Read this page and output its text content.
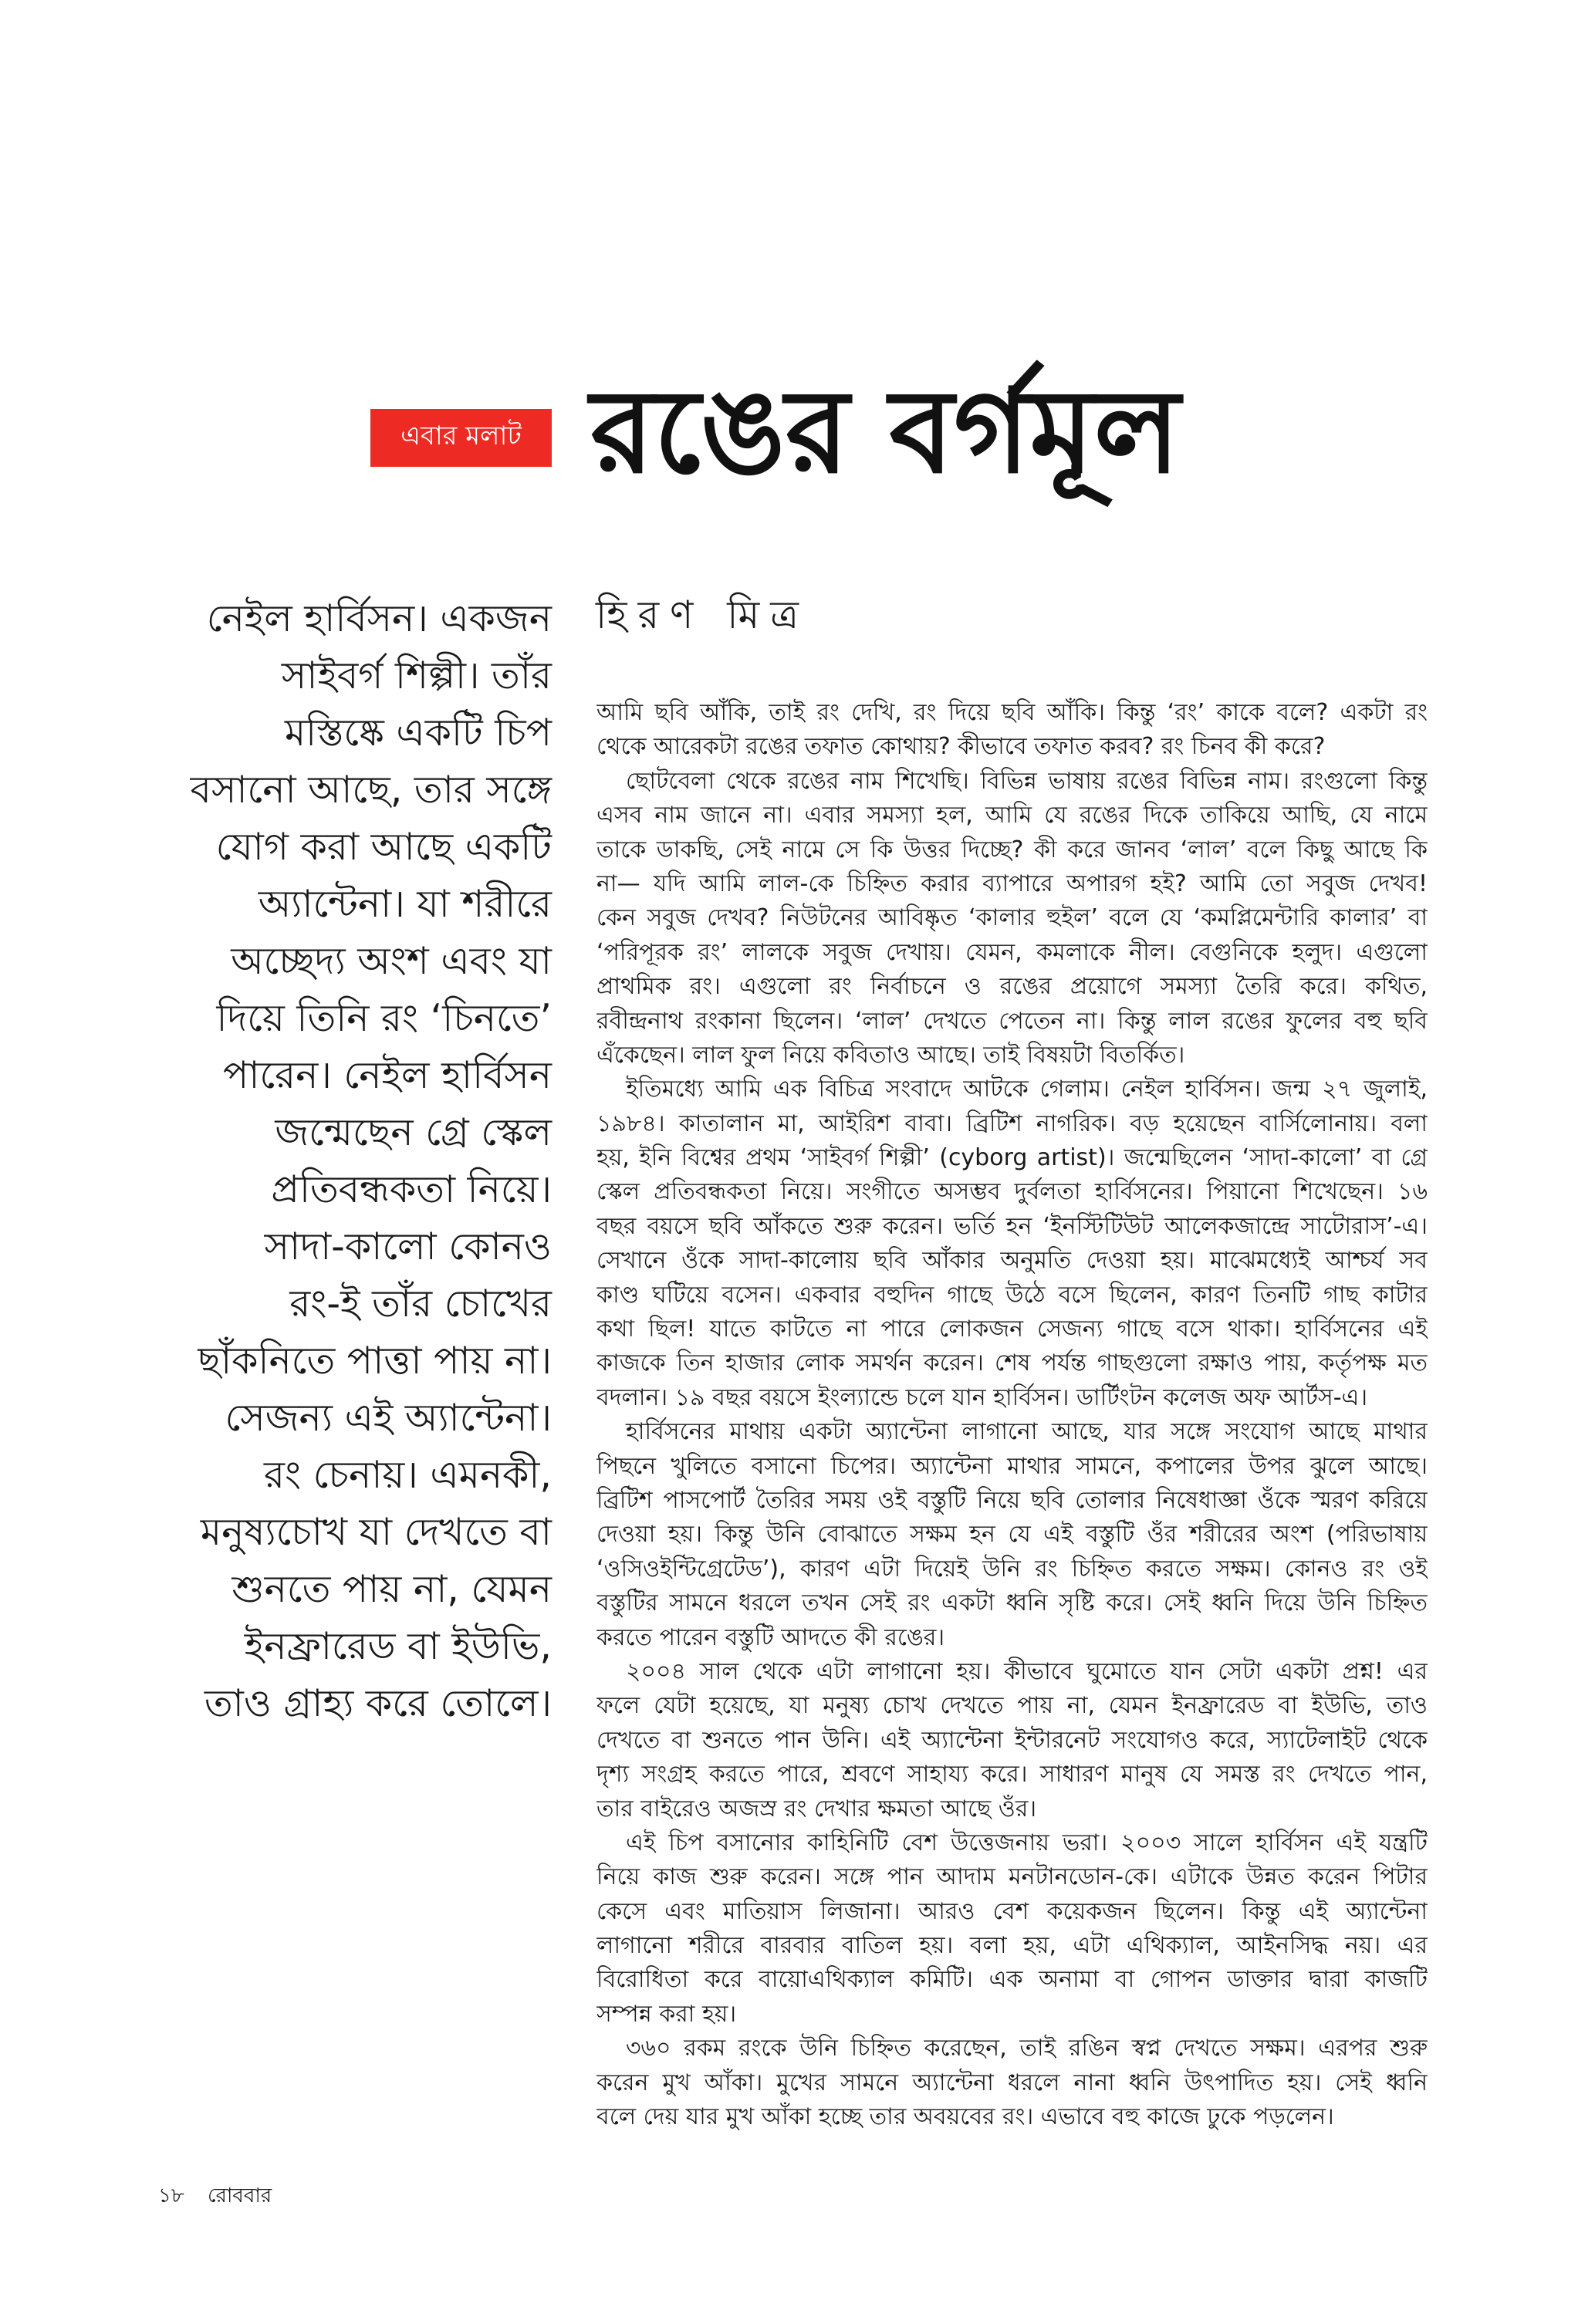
এবার মলাট রঙের বর্গমূল
হিরণ মিত্র
নেইল হার্বিসন। একজন
সাইবর্গ শিল্পী। তাঁর
মস্তিষ্কে একটি চিপ
বসানো আছে, তার সঙ্গে
যোগ করা আছে একটি
অ্যান্টেনা। যা শরীরে
অচ্ছেদ্য অংশ এবং যা
দিয়ে তিনি রং ‘চিনতে’
পারেন। নেইল হার্বিসন
জন্মেছেন গ্রে স্কেল
প্রতিবন্ধকতা নিয়ে।
সাদা-কালো কোনও
রং-ই তাঁর চোখের
ছাঁকনিতে পাত্তা পায় না।
সেজন্য এই অ্যান্টেনা।
রং চেনায়। এমনকী,
মনুষ্যচোখ যা দেখতে বা
শুনতে পায় না, যেমন
ইনফ্রারেড বা ইউভি,
তাও গ্রাহ্য করে তোলে।
আমি ছবি আঁকি, তাই রং দেখি, রং দিয়ে ছবি আঁকি। কিন্তু ‘রং’ কাকে বলে? একটা রং
থেকে আরেকটা রঙের তফাত কোথায়? কীভাবে তফাত করব? রং চিনব কী করে?
ছোটবেলা থেকে রঙের নাম শিখেছি। বিভিন্ন ভাষায় রঙের বিভিন্ন নাম। রংগুলো কিন্তু
এসব নাম জানে না। এবার সমস্যা হল, আমি যে রঙের দিকে তাকিয়ে আছি, যে নামে
তাকে ডাকছি, সেই নামে সে কি উত্তর দিচ্ছে? কী করে জানব ‘লাল’ বলে কিছু আছে কি
না— যদি আমি লাল-কে চিহ্নিত করার ব্যাপারে অপারগ হই? আমি তো সবুজ দেখব!
কেন সবুজ দেখব? নিউটনের আবিষ্কৃত ‘কালার হুইল’ বলে যে ‘কমপ্লিমেন্টারি কালার’ বা
‘পরিপূরক রং’ লালকে সবুজ দেখায়। যেমন, কমলাকে নীল। বেগুনিকে হলুদ। এগুলো
প্রাথমিক রং। এগুলো রং নির্বাচনে ও রঙের প্রয়োগে সমস্যা তৈরি করে। কথিত,
রবীন্দ্রনাথ রংকানা ছিলেন। ‘লাল’ দেখতে পেতেন না। কিন্তু লাল রঙের ফুলের বহু ছবি
এঁকেছেন। লাল ফুল নিয়ে কবিতাও আছে। তাই বিষয়টা বিতর্কিত।
ইতিমধ্যে আমি এক বিচিত্র সংবাদে আটকে গেলাম। নেইল হার্বিসন। জন্ম ২৭ জুলাই,
১৯৮৪। কাতালান মা, আইরিশ বাবা। ব্রিটিশ নাগরিক। বড় হয়েছেন বার্সিলোনায়। বলা
হয়, ইনি বিশ্বের প্রথম ‘সাইবর্গ শিল্পী’ (cyborg artist)। জন্মেছিলেন ‘সাদা-কালো’ বা গ্রে
স্কেল প্রতিবন্ধকতা নিয়ে। সংগীতে অসম্ভব দুর্বলতা হার্বিসনের। পিয়ানো শিখেছেন। ১৬
বছর বয়সে ছবি আঁকতে শুরু করেন। ভর্তি হন ‘ইনস্টিটিউট আলেকজান্দ্রে সাটোরাস’-এ।
সেখানে ওঁকে সাদা-কালোয় ছবি আঁকার অনুমতি দেওয়া হয়। মাঝেমধ্যেই আশ্চর্য সব
কাণ্ড ঘটিয়ে বসেন। একবার বহুদিন গাছে উঠে বসে ছিলেন, কারণ তিনটি গাছ কাটার
কথা ছিল! যাতে কাটতে না পারে লোকজন সেজন্য গাছে বসে থাকা। হার্বিসনের এই
কাজকে তিন হাজার লোক সমর্থন করেন। শেষ পর্যন্ত গাছগুলো রক্ষাও পায়, কর্তৃপক্ষ মত
বদলান। ১৯ বছর বয়সে ইংল্যান্ডে চলে যান হার্বিসন। ডার্টিংটন কলেজ অফ আর্টস-এ।
হার্বিসনের মাথায় একটা অ্যান্টেনা লাগানো আছে, যার সঙ্গে সংযোগ আছে মাথার
পিছনে খুলিতে বসানো চিপের। অ্যান্টেনা মাথার সামনে, কপালের উপর ঝুলে আছে।
ব্রিটিশ পাসপোর্ট তৈরির সময় ওই বস্তুটি নিয়ে ছবি তোলার নিষেধাজ্ঞা ওঁকে স্মরণ করিয়ে
দেওয়া হয়। কিন্তু উনি বোঝাতে সক্ষম হন যে এই বস্তুটি ওঁর শরীরের অংশ (পরিভাষায়
‘ওসিওইন্টিগ্রেটেড’), কারণ এটা দিয়েই উনি রং চিহ্নিত করতে সক্ষম। কোনও রং ওই
বস্তুটির সামনে ধরলে তখন সেই রং একটা ধ্বনি সৃষ্টি করে। সেই ধ্বনি দিয়ে উনি চিহ্নিত
করতে পারেন বস্তুটি আদতে কী রঙের।
২০০৪ সাল থেকে এটা লাগানো হয়। কীভাবে ঘুমোতে যান সেটা একটা প্রশ্ন! এর
ফলে যেটা হয়েছে, যা মনুষ্য চোখ দেখতে পায় না, যেমন ইনফ্রারেড বা ইউভি, তাও
দেখতে বা শুনতে পান উনি। এই অ্যান্টেনা ইন্টারনেট সংযোগও করে, স্যাটেলাইট থেকে
দৃশ্য সংগ্রহ করতে পারে, শ্রবণে সাহায্য করে। সাধারণ মানুষ যে সমস্ত রং দেখতে পান,
তার বাইরেও অজস্র রং দেখার ক্ষমতা আছে ওঁর।
এই চিপ বসানোর কাহিনিটি বেশ উত্তেজনায় ভরা। ২০০৩ সালে হার্বিসন এই যন্ত্রটি
নিয়ে কাজ শুরু করেন। সঙ্গে পান আদাম মনটানডোন-কে। এটাকে উন্নত করেন পিটার
কেসে এবং মাতিয়াস লিজানা। আরও বেশ কয়েকজন ছিলেন। কিন্তু এই অ্যান্টেনা
লাগানো শরীরে বারবার বাতিল হয়। বলা হয়, এটা এথিক্যাল, আইনসিদ্ধ নয়। এর
বিরোধিতা করে বায়োএথিক্যাল কমিটি। এক অনামা বা গোপন ডাক্তার দ্বারা কাজটি
সম্পন্ন করা হয়।
৩৬০ রকম রংকে উনি চিহ্নিত করেছেন, তাই রঙিন স্বপ্ন দেখতে সক্ষম। এরপর শুরু
করেন মুখ আঁকা। মুখের সামনে অ্যান্টেনা ধরলে নানা ধ্বনি উৎপাদিত হয়। সেই ধ্বনি
বলে দেয় যার মুখ আঁকা হচ্ছে তার অবয়বের রং। এভাবে বহু কাজে ঢুকে পড়লেন।
১৮ রোববার
